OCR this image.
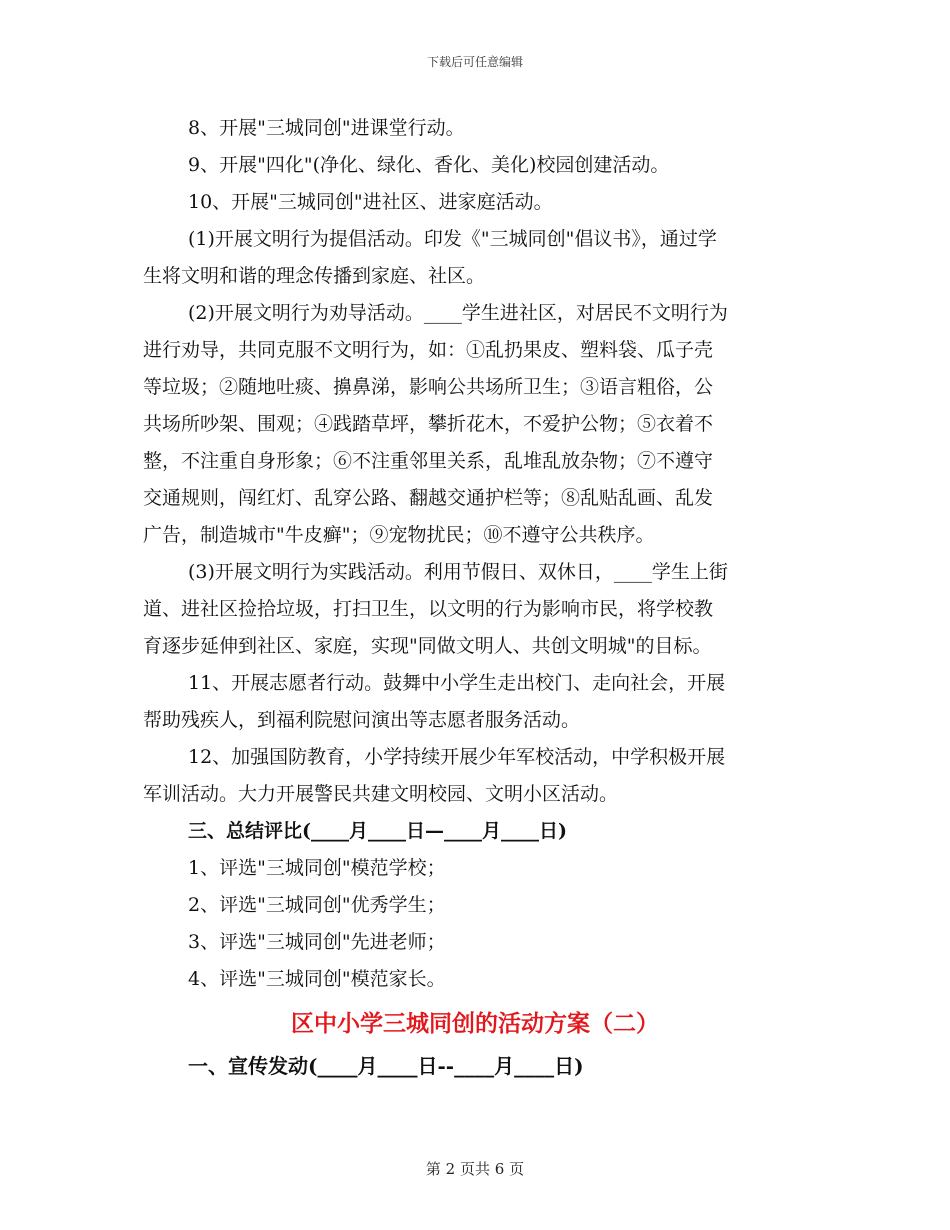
下载后可任意编辑
8、开展"三城同创"进课堂行动。
9、开展"四化"(净化、绿化、香化、美化)校园创建活动。
10、开展"三城同创"进社区、进家庭活动。
(1)开展文明行为提倡活动。印发《"三城同创"倡议书》，通过学
生将文明和谐的理念传播到家庭、社区。
(2)开展文明行为劝导活动。____学生进社区，对居民不文明行为
进行劝导，共同克服不文明行为，如：①乱扔果皮、塑料袋、瓜子壳
等垃圾；②随地吐痰、擤鼻涕，影响公共场所卫生；③语言粗俗，公
共场所吵架、围观；④践踏草坪，攀折花木，不爱护公物；⑤衣着不
整，不注重自身形象；⑥不注重邻里关系，乱堆乱放杂物；⑦不遵守
交通规则，闯红灯、乱穿公路、翻越交通护栏等；⑧乱贴乱画、乱发
广告，制造城市"牛皮癣"；⑨宠物扰民；⑩不遵守公共秩序。
(3)开展文明行为实践活动。利用节假日、双休日，____学生上街
道、进社区捡拾垃圾，打扫卫生，以文明的行为影响市民，将学校教
育逐步延伸到社区、家庭，实现"同做文明人、共创文明城"的目标。
11、开展志愿者行动。鼓舞中小学生走出校门、走向社会，开展
帮助残疾人，到福利院慰问演出等志愿者服务活动。
12、加强国防教育，小学持续开展少年军校活动，中学积极开展
军训活动。大力开展警民共建文明校园、文明小区活动。
三、总结评比(____月____日—____月____日)
1、评选"三城同创"模范学校；
2、评选"三城同创"优秀学生；
3、评选"三城同创"先进老师；
4、评选"三城同创"模范家长。
区中小学三城同创的活动方案（二）
一、宣传发动(____月____日--____月____日)
第 2 页共 6 页
